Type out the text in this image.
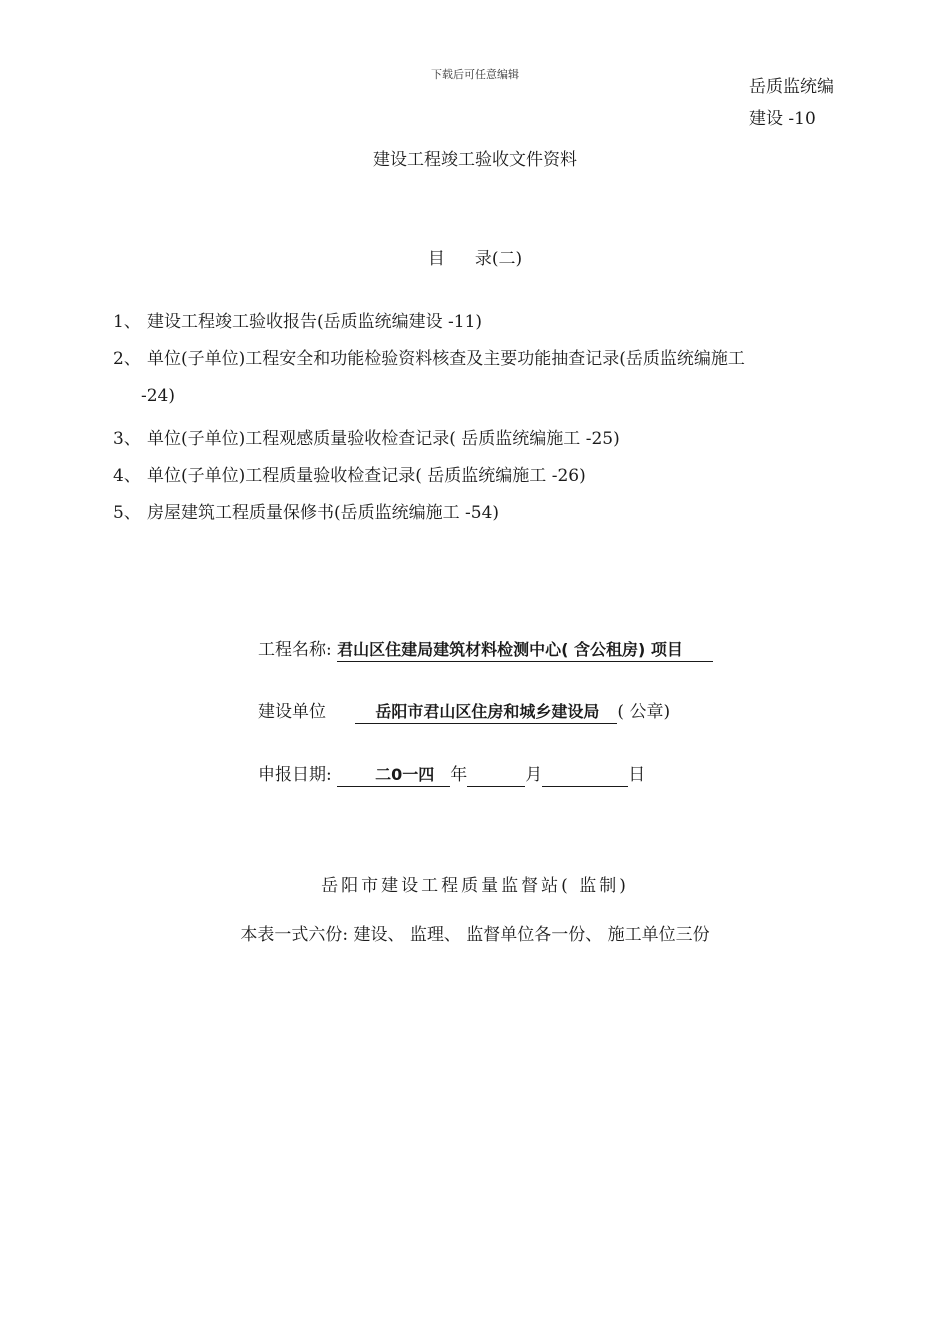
下载后可任意编辑
岳质监统编
建设 -10
建设工程竣工验收文件资料
目 录(二)
1、 建设工程竣工验收报告(岳质监统编建设 -11)
2、 单位(子单位)工程安全和功能检验资料核查及主要功能抽查记录(岳质监统编施工
-24)
3、 单位(子单位)工程观感质量验收检查记录( 岳质监统编施工 -25)
4、 单位(子单位)工程质量验收检查记录( 岳质监统编施工 -26)
5、 房屋建筑工程质量保修书(岳质监统编施工 -54)
工程名称: 君山区住建局建筑材料检测中心( 含公租房) 项目
建设单位	岳阳市君山区住房和城乡建设局 ( 公章)
申报日期:	二0一四 年	月	日
岳阳市建设工程质量监督站( 监制)
本表一式六份: 建设、 监理、 监督单位各一份、 施工单位三份
